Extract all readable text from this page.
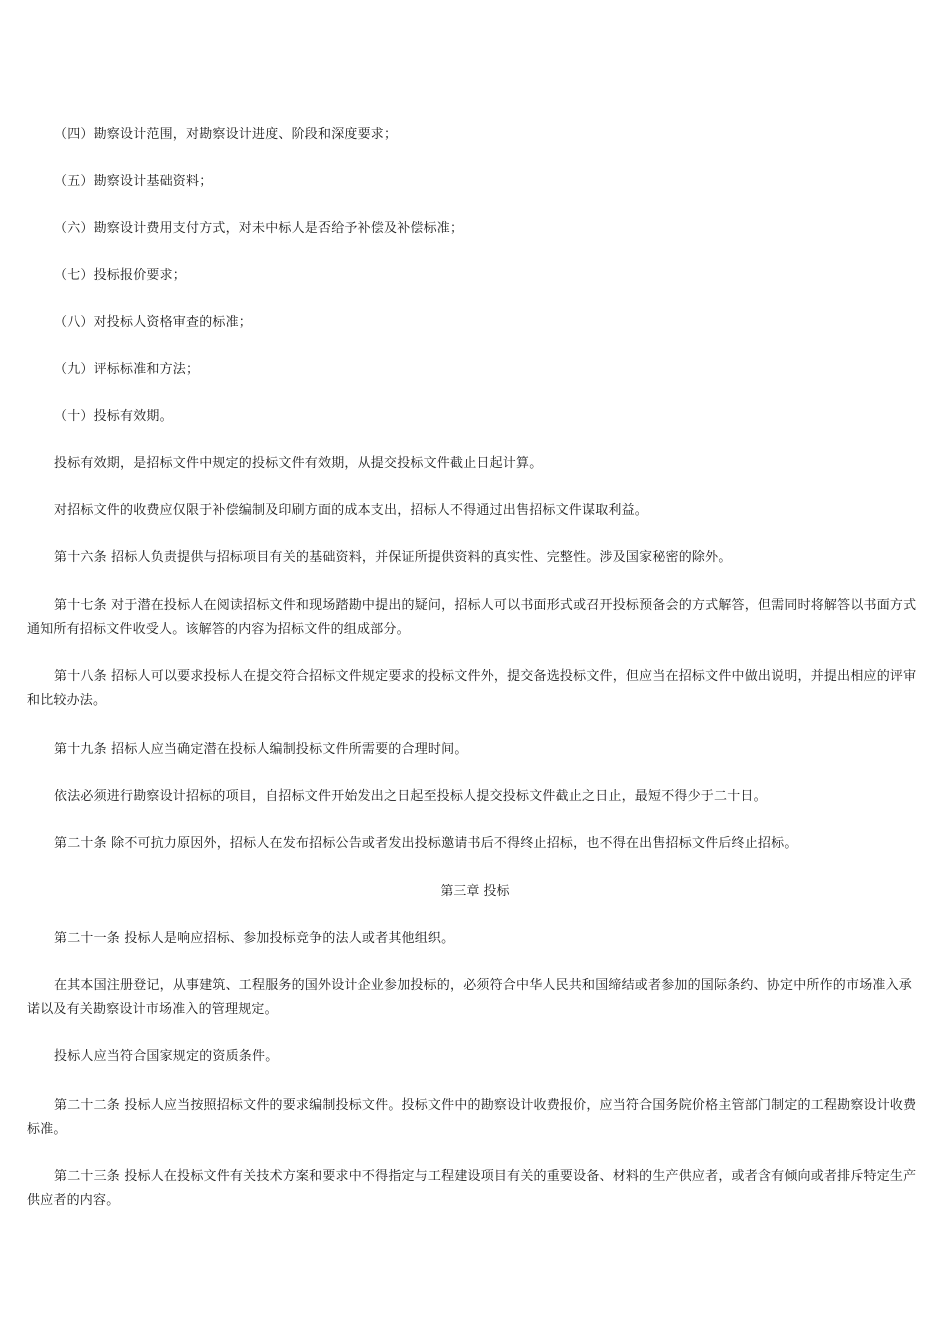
（四）勘察设计范围，对勘察设计进度、阶段和深度要求；

（五）勘察设计基础资料；

（六）勘察设计费用支付方式，对未中标人是否给予补偿及补偿标准；

（七）投标报价要求；

（八）对投标人资格审查的标准；

（九）评标标准和方法；

（十）投标有效期。

投标有效期，是招标文件中规定的投标文件有效期，从提交投标文件截止日起计算。

对招标文件的收费应仅限于补偿编制及印刷方面的成本支出，招标人不得通过出售招标文件谋取利益。

第十六条 招标人负责提供与招标项目有关的基础资料，并保证所提供资料的真实性、完整性。涉及国家秘密的除外。

第十七条 对于潜在投标人在阅读招标文件和现场踏勘中提出的疑问，招标人可以书面形式或召开投标预备会的方式解答，但需同时将解答以书面方式通知所有招标文件收受人。该解答的内容为招标文件的组成部分。

第十八条 招标人可以要求投标人在提交符合招标文件规定要求的投标文件外，提交备选投标文件，但应当在招标文件中做出说明，并提出相应的评审和比较办法。

第十九条 招标人应当确定潜在投标人编制投标文件所需要的合理时间。

依法必须进行勘察设计招标的项目，自招标文件开始发出之日起至投标人提交投标文件截止之日止，最短不得少于二十日。

第二十条 除不可抗力原因外，招标人在发布招标公告或者发出投标邀请书后不得终止招标，也不得在出售招标文件后终止招标。

第三章 投标

第二十一条 投标人是响应招标、参加投标竞争的法人或者其他组织。

在其本国注册登记，从事建筑、工程服务的国外设计企业参加投标的，必须符合中华人民共和国缔结或者参加的国际条约、协定中所作的市场准入承诺以及有关勘察设计市场准入的管理规定。

投标人应当符合国家规定的资质条件。

第二十二条 投标人应当按照招标文件的要求编制投标文件。投标文件中的勘察设计收费报价，应当符合国务院价格主管部门制定的工程勘察设计收费标准。

第二十三条 投标人在投标文件有关技术方案和要求中不得指定与工程建设项目有关的重要设备、材料的生产供应者，或者含有倾向或者排斥特定生产供应者的内容。
